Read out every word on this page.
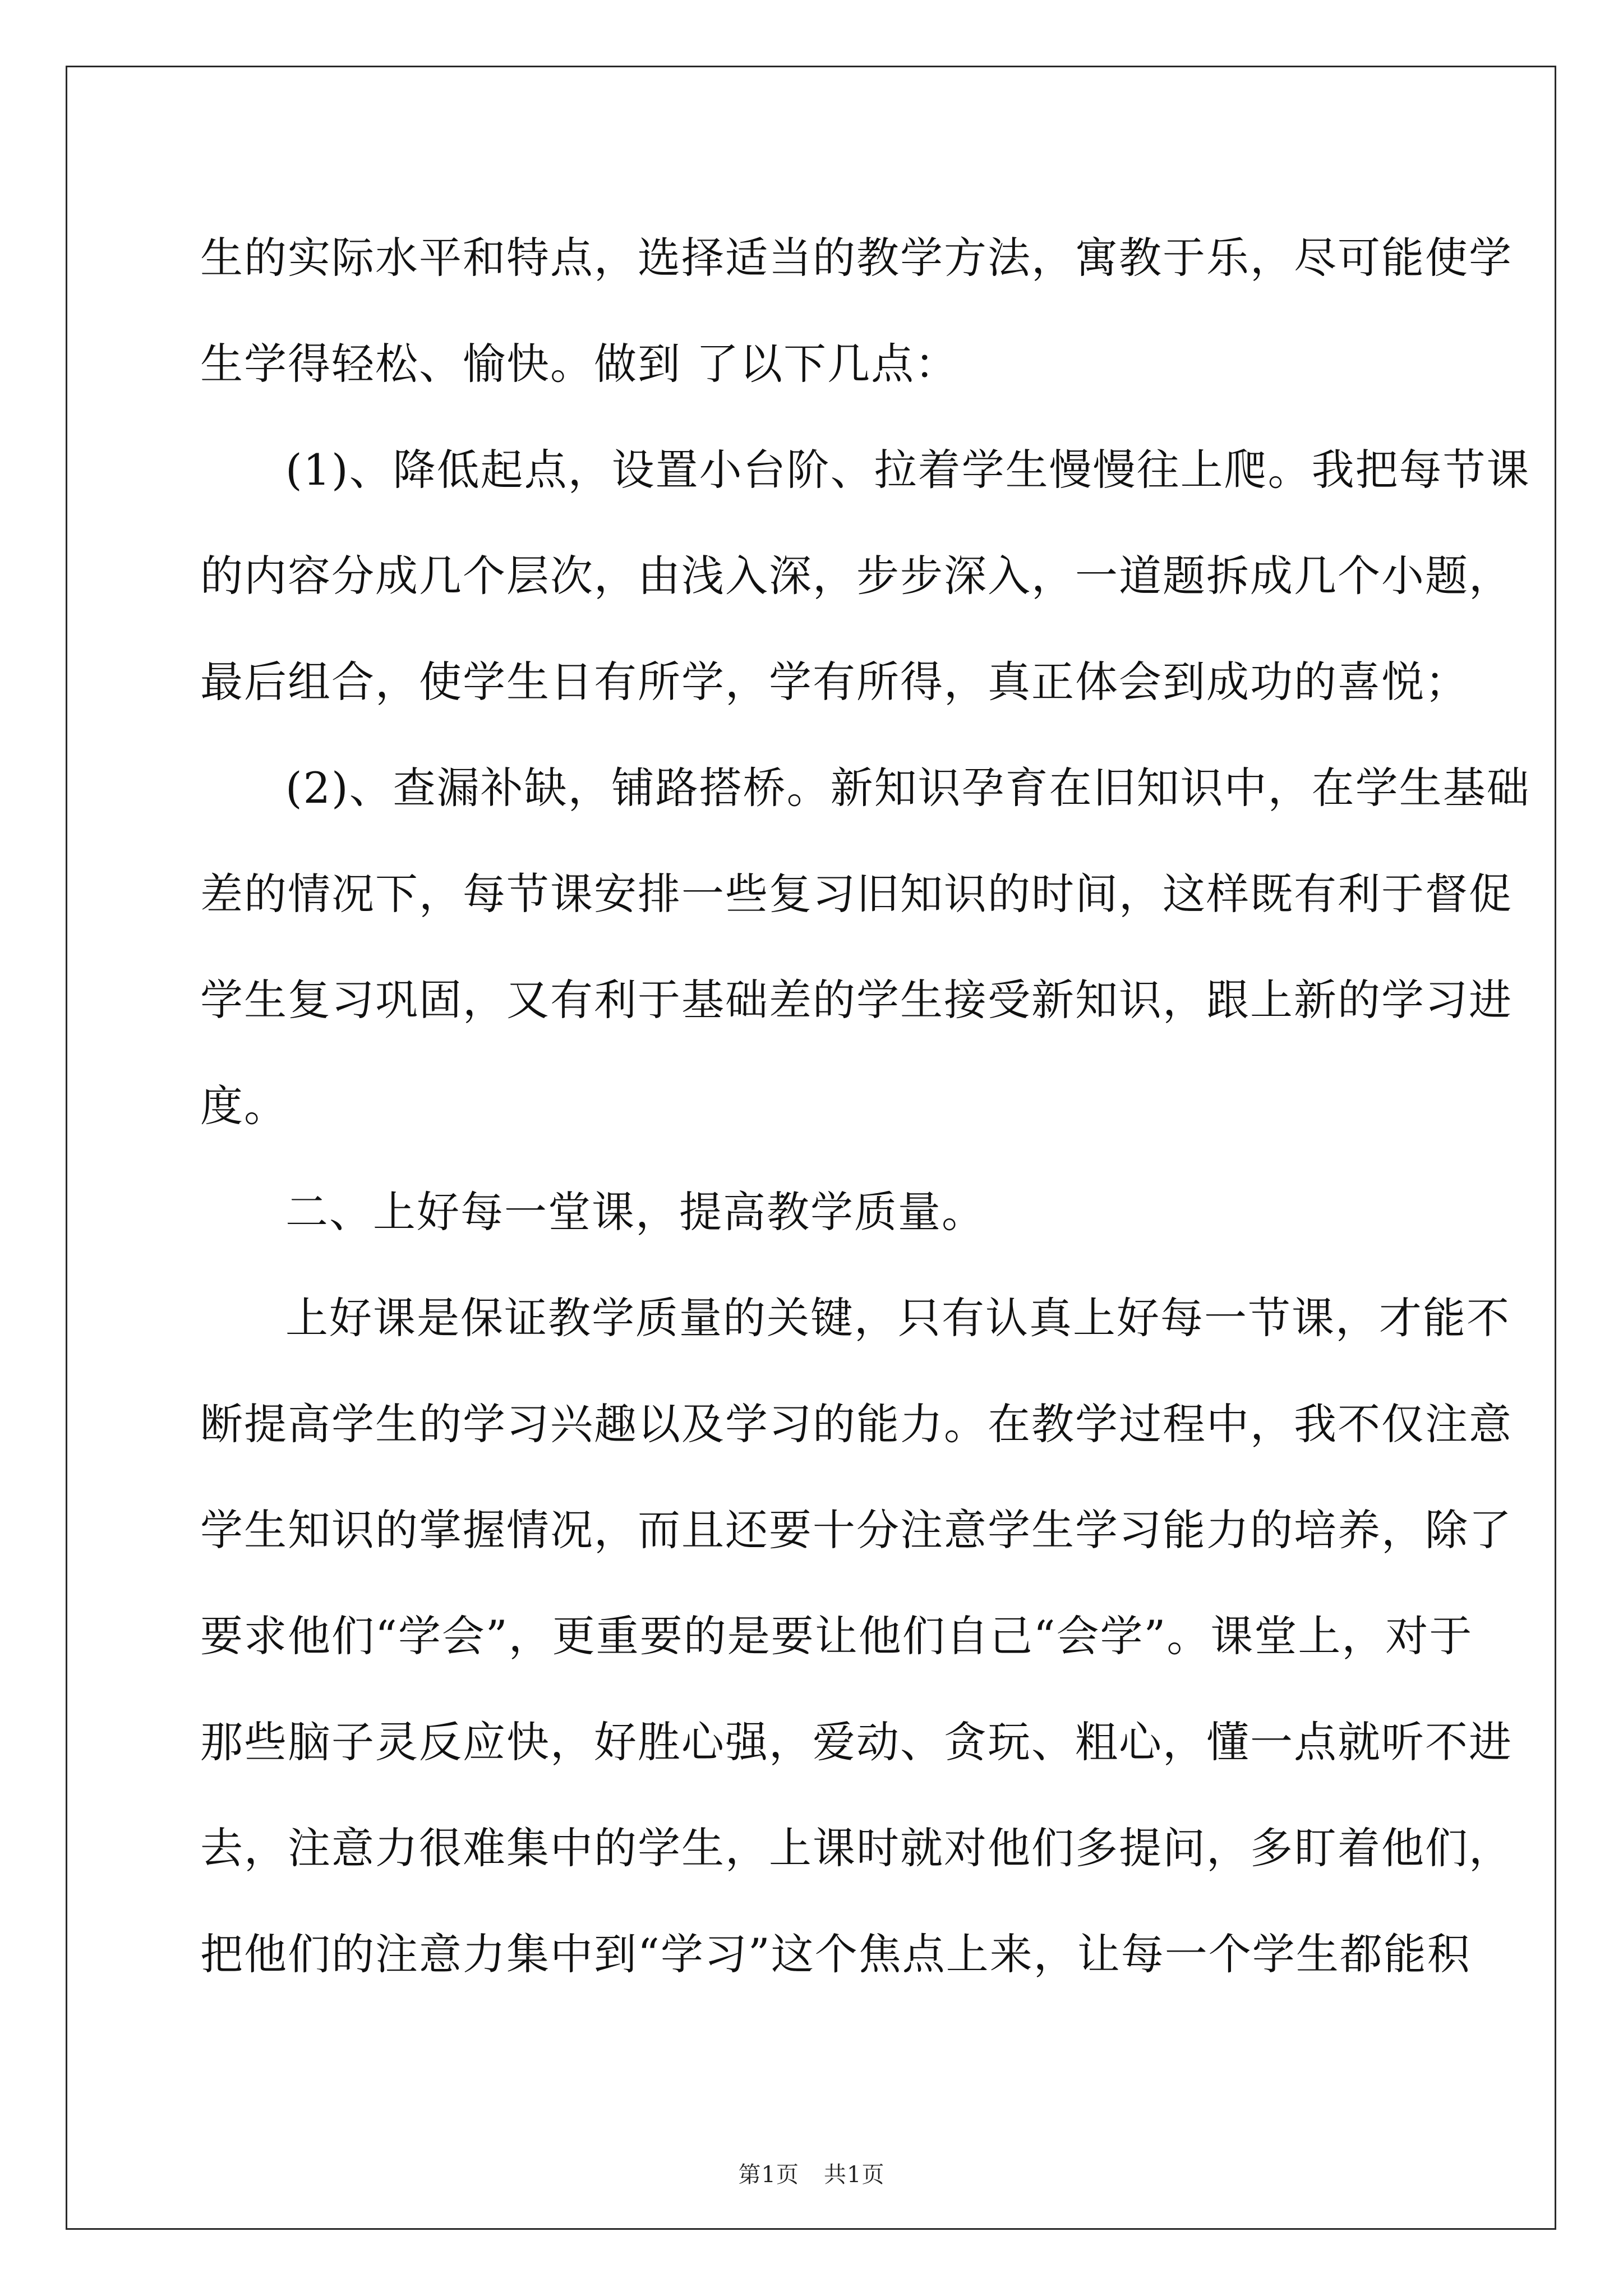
生的实际水平和特点，选择适当的教学方法，寓教于乐，尽可能使学
生学得轻松、愉快。做到 了以下几点：
(1)、降低起点，设置小台阶、拉着学生慢慢往上爬。我把每节课
的内容分成几个层次，由浅入深，步步深入，一道题拆成几个小题，
最后组合，使学生日有所学，学有所得，真正体会到成功的喜悦；
(2)、查漏补缺，铺路搭桥。新知识孕育在旧知识中，在学生基础
差的情况下，每节课安排一些复习旧知识的时间，这样既有利于督促
学生复习巩固，又有利于基础差的学生接受新知识，跟上新的学习进
度。
二、上好每一堂课，提高教学质量。
上好课是保证教学质量的关键，只有认真上好每一节课，才能不
断提高学生的学习兴趣以及学习的能力。在教学过程中，我不仅注意
学生知识的掌握情况，而且还要十分注意学生学习能力的培养，除了
要求他们“学会”，更重要的是要让他们自己“会学”。课堂上，对于
那些脑子灵反应快，好胜心强，爱动、贪玩、粗心，懂一点就听不进
去，注意力很难集中的学生，上课时就对他们多提问，多盯着他们，
把他们的注意力集中到“学习”这个焦点上来，让每一个学生都能积
第1页 共1页
